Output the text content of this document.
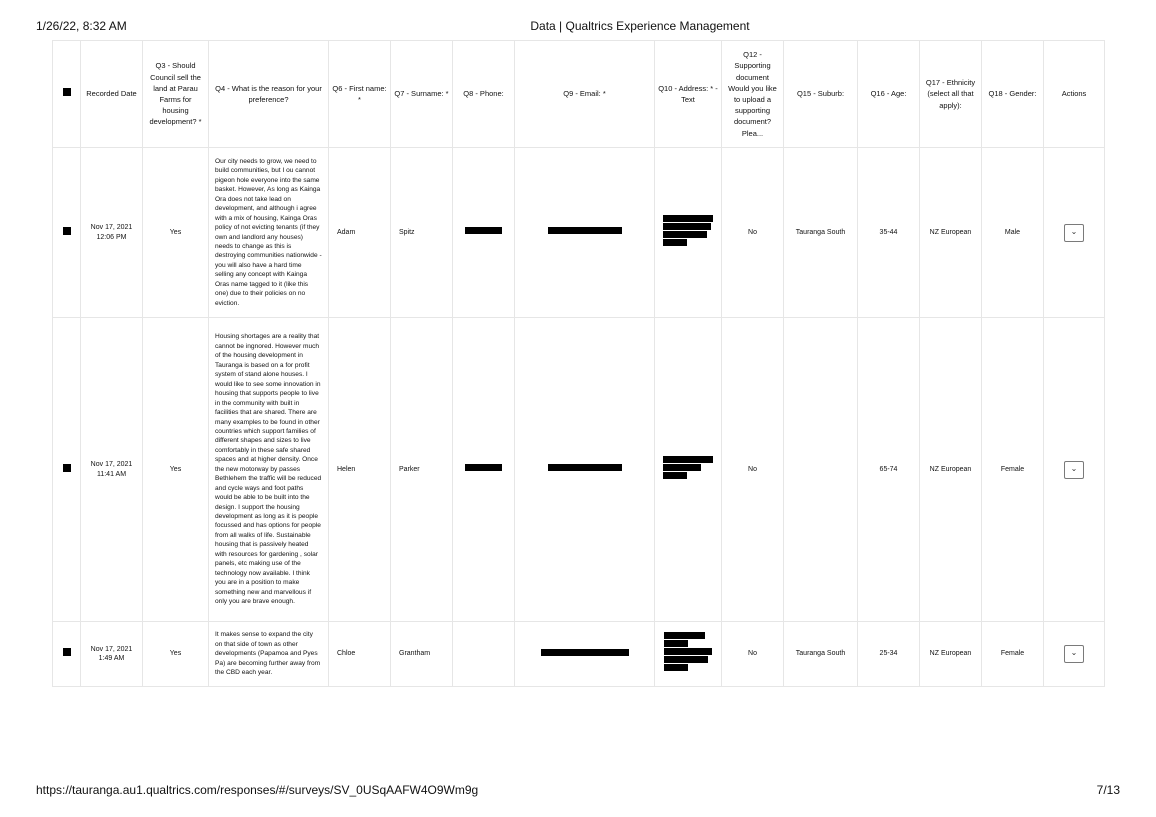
1/26/22, 8:32 AM	Data | Qualtrics Experience Management
	Recorded Date	Q3 - Should Council sell the land at Parau Farms for housing development? *	Q4 - What is the reason for your preference?	Q6 - First name: *	Q7 - Surname: *	Q8 - Phone:	Q9 - Email: *	Q10 - Address: * - Text	Q12 - Supporting document Would you like to upload a supporting document? Plea...	Q15 - Suburb:	Q16 - Age:	Q17 - Ethnicity (select all that apply):	Q18 - Gender:	Actions
	Nov 17, 2021
12:06 PM	Yes	Our city needs to grow, we need to build communities, but I ou cannot pigeon hole everyone into the same basket. However, As long as Kainga Ora does not take lead on development, and although i agree with a mix of housing, Kainga Oras policy of not evicting tenants (if they own and landlord any houses) needs to change as this is destroying communities nationwide - you will also have a hard time selling any concept with Kainga Oras name tagged to it (like this one) due to their policies on no eviction.	Adam	Spitz				No	Tauranga South	35-44	NZ European	Male	⌄
	Nov 17, 2021
11:41 AM	Yes	Housing shortages are a reality that cannot be ingnored. However much of the housing development in Tauranga is based on a for profit system of stand alone houses. I would like to see some innovation in housing that supports people to live in the community with built in facilities that are shared. There are many examples to be found in other countries which support families of different shapes and sizes to live comfortably in these safe shared spaces and at higher density. Once the new motorway by passes Bethlehem the traffic will be reduced and cycle ways and foot paths would be able to be built into the design. I support the housing development as long as it is people focussed and has options for people from all walks of life. Sustainable housing that is passively heated with resources for gardening , solar panels, etc making use of the technology now available. I think you are in a position to make something new and marvellous if only you are brave enough.	Helen	Parker				No		65-74	NZ European	Female	⌄
	Nov 17, 2021
1:49 AM	Yes	It makes sense to expand the city on that side of town as other developments (Papamoa and Pyes Pa) are becoming further away from the CBD each year.	Chloe	Grantham				No	Tauranga South	25-34	NZ European	Female	⌄
https://tauranga.au1.qualtrics.com/responses/#/surveys/SV_0USqAAFW4O9Wm9g	7/13
